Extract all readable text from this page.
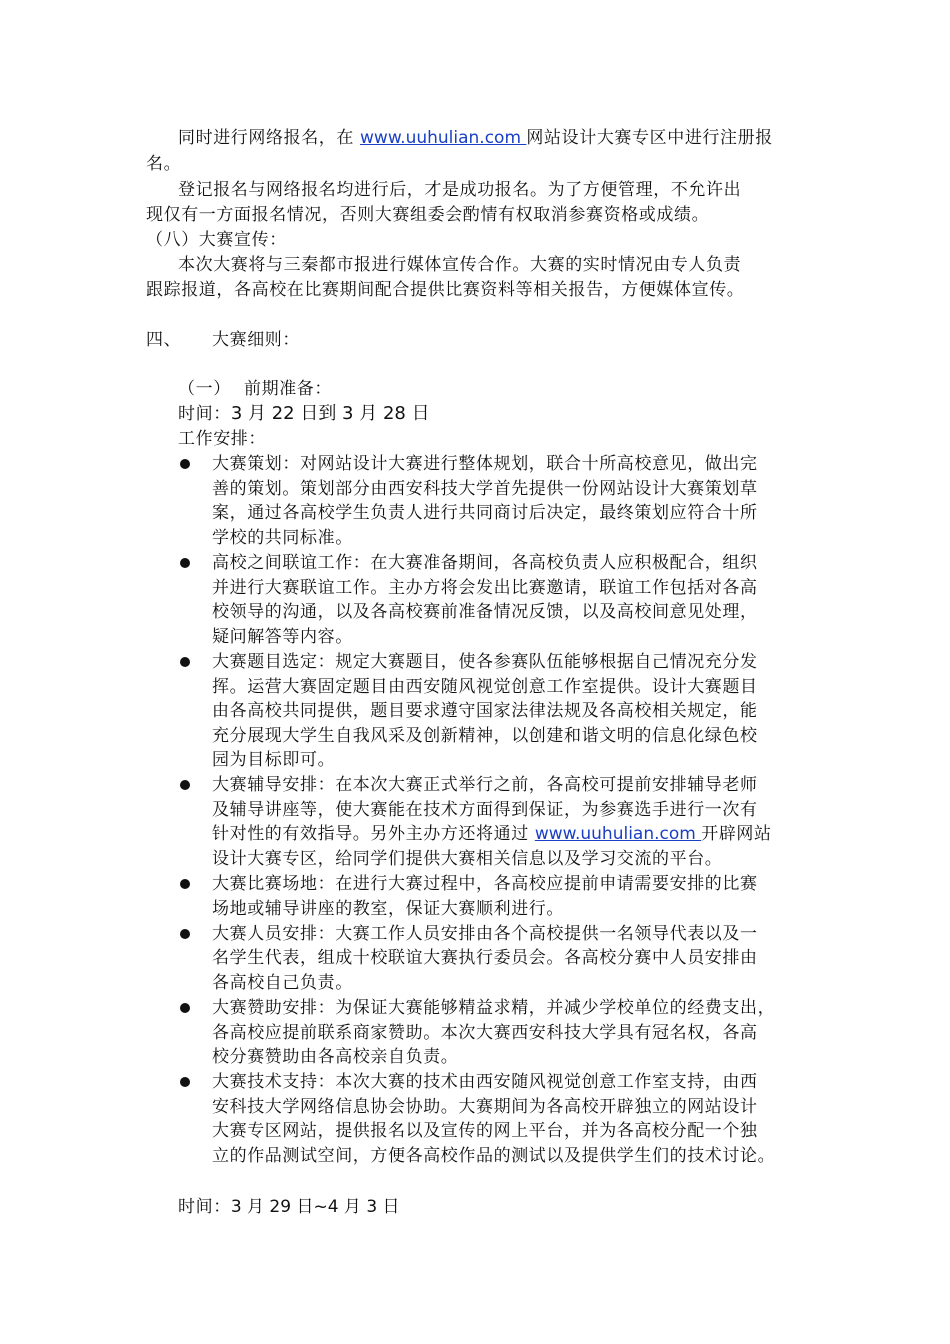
同时进行网络报名，在 www.uuhulian.com 网站设计大赛专区中进行注册报
名。
登记报名与网络报名均进行后，才是成功报名。为了方便管理，不允许出
现仅有一方面报名情况，否则大赛组委会酌情有权取消参赛资格或成绩。
（八）大赛宣传：
本次大赛将与三秦都市报进行媒体宣传合作。大赛的实时情况由专人负责
跟踪报道，各高校在比赛期间配合提供比赛资料等相关报告，方便媒体宣传。
四、 大赛细则：
（一） 前期准备：
时间：3 月 22 日到 3 月 28 日
工作安排：
大赛策划：对网站设计大赛进行整体规划，联合十所高校意见，做出完
善的策划。策划部分由西安科技大学首先提供一份网站设计大赛策划草
案，通过各高校学生负责人进行共同商讨后决定，最终策划应符合十所
学校的共同标准。
高校之间联谊工作：在大赛准备期间，各高校负责人应积极配合，组织
并进行大赛联谊工作。主办方将会发出比赛邀请，联谊工作包括对各高
校领导的沟通，以及各高校赛前准备情况反馈，以及高校间意见处理，
疑问解答等内容。
大赛题目选定：规定大赛题目，使各参赛队伍能够根据自己情况充分发
挥。运营大赛固定题目由西安随风视觉创意工作室提供。设计大赛题目
由各高校共同提供，题目要求遵守国家法律法规及各高校相关规定，能
充分展现大学生自我风采及创新精神，以创建和谐文明的信息化绿色校
园为目标即可。
大赛辅导安排：在本次大赛正式举行之前，各高校可提前安排辅导老师
及辅导讲座等，使大赛能在技术方面得到保证，为参赛选手进行一次有
针对性的有效指导。另外主办方还将通过 www.uuhulian.com 开辟网站
设计大赛专区，给同学们提供大赛相关信息以及学习交流的平台。
大赛比赛场地：在进行大赛过程中，各高校应提前申请需要安排的比赛
场地或辅导讲座的教室，保证大赛顺利进行。
大赛人员安排：大赛工作人员安排由各个高校提供一名领导代表以及一
名学生代表，组成十校联谊大赛执行委员会。各高校分赛中人员安排由
各高校自己负责。
大赛赞助安排：为保证大赛能够精益求精，并减少学校单位的经费支出，
各高校应提前联系商家赞助。本次大赛西安科技大学具有冠名权，各高
校分赛赞助由各高校亲自负责。
大赛技术支持：本次大赛的技术由西安随风视觉创意工作室支持，由西
安科技大学网络信息协会协助。大赛期间为各高校开辟独立的网站设计
大赛专区网站，提供报名以及宣传的网上平台，并为各高校分配一个独
立的作品测试空间，方便各高校作品的测试以及提供学生们的技术讨论。
时间：3 月 29 日~4 月 3 日
